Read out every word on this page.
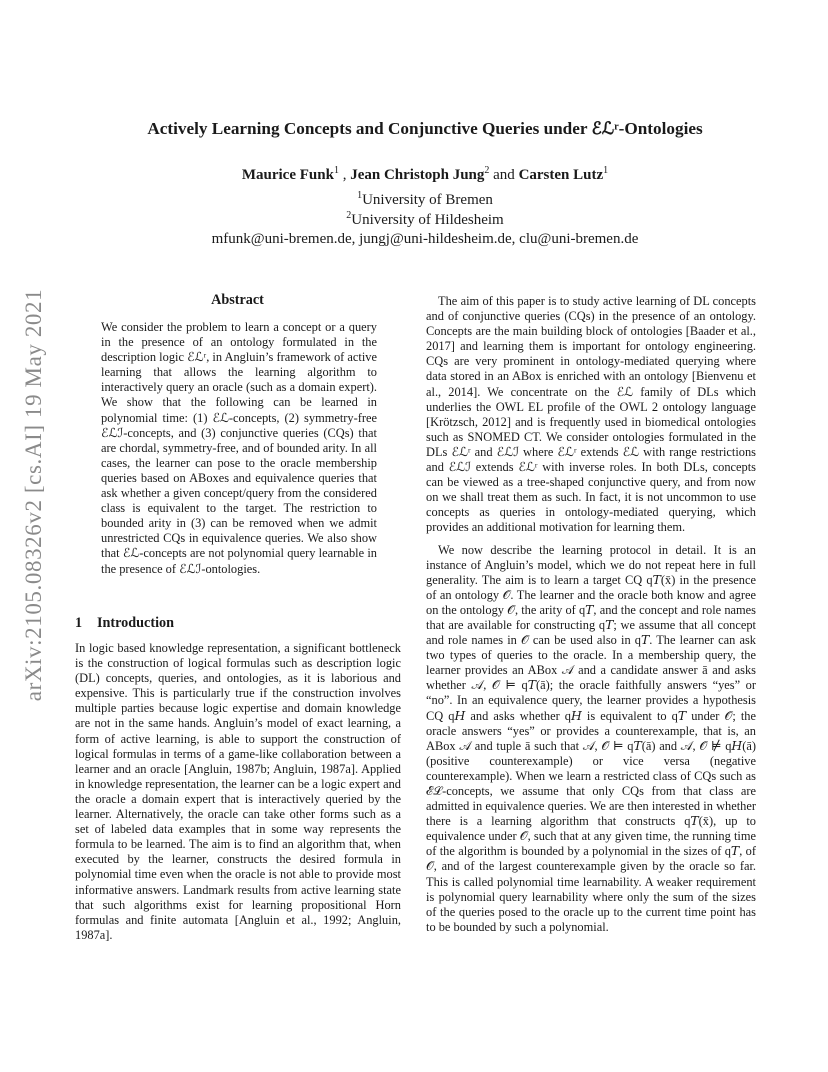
arXiv:2105.08326v2 [cs.AI] 19 May 2021
Actively Learning Concepts and Conjunctive Queries under ℰℒʳ-Ontologies
Maurice Funk$^1$ , Jean Christoph Jung$^2$ and Carsten Lutz$^1$
$^1$University of Bremen
$^2$University of Hildesheim
mfunk@uni-bremen.de, jungj@uni-hildesheim.de, clu@uni-bremen.de
Abstract

We consider the problem to learn a concept or a query in the presence of an ontology formulated in the description logic ℰℒʳ, in Angluin’s framework of active learning that allows the learning algorithm to interactively query an oracle (such as a domain expert). We show that the following can be learned in polynomial time: (1) ℰℒ-concepts, (2) symmetry-free ℰℒℐ-concepts, and (3) conjunctive queries (CQs) that are chordal, symmetry-free, and of bounded arity. In all cases, the learner can pose to the oracle membership queries based on ABoxes and equivalence queries that ask whether a given concept/query from the considered class is equivalent to the target. The restriction to bounded arity in (3) can be removed when we admit unrestricted CQs in equivalence queries. We also show that ℰℒ-concepts are not polynomial query learnable in the presence of ℰℒℐ-ontologies.

1 Introduction

In logic based knowledge representation, a significant bottleneck is the construction of logical formulas such as description logic (DL) concepts, queries, and ontologies, as it is laborious and expensive. This is particularly true if the construction involves multiple parties because logic expertise and domain knowledge are not in the same hands. Angluin’s model of exact learning, a form of active learning, is able to support the construction of logical formulas in terms of a game-like collaboration between a learner and an oracle [Angluin, 1987b; Angluin, 1987a]. Applied in knowledge representation, the learner can be a logic expert and the oracle a domain expert that is interactively queried by the learner. Alternatively, the oracle can take other forms such as a set of labeled data examples that in some way represents the formula to be learned. The aim is to find an algorithm that, when executed by the learner, constructs the desired formula in polynomial time even when the oracle is not able to provide most informative answers. Landmark results from active learning state that such algorithms exist for learning propositional Horn formulas and finite automata [Angluin et al., 1992; Angluin, 1987a].

The aim of this paper is to study active learning of DL concepts and of conjunctive queries (CQs) in the presence of an ontology. Concepts are the main building block of ontologies [Baader et al., 2017] and learning them is important for ontology engineering. CQs are very prominent in ontology-mediated querying where data stored in an ABox is enriched with an ontology [Bienvenu et al., 2014]. We concentrate on the ℰℒ family of DLs which underlies the OWL EL profile of the OWL 2 ontology language [Krötzsch, 2012] and is frequently used in biomedical ontologies such as SNOMED CT. We consider ontologies formulated in the DLs ℰℒʳ and ℰℒℐ where ℰℒʳ extends ℰℒ with range restrictions and ℰℒℐ extends ℰℒʳ with inverse roles. In both DLs, concepts can be viewed as a tree-shaped conjunctive query, and from now on we shall treat them as such. In fact, it is not uncommon to use concepts as queries in ontology-mediated querying, which provides an additional motivation for learning them.

We now describe the learning protocol in detail. It is an instance of Angluin’s model, which we do not repeat here in full generality. The aim is to learn a target CQ q𝑇(x̄) in the presence of an ontology 𝒪. The learner and the oracle both know and agree on the ontology 𝒪, the arity of q𝑇, and the concept and role names that are available for constructing q𝑇; we assume that all concept and role names in 𝒪 can be used also in q𝑇. The learner can ask two types of queries to the oracle. In a membership query, the learner provides an ABox 𝒜 and a candidate answer ā and asks whether 𝒜, 𝒪 ⊨ q𝑇(ā); the oracle faithfully answers “yes” or “no”. In an equivalence query, the learner provides a hypothesis CQ q𝐻 and asks whether q𝐻 is equivalent to q𝑇 under 𝒪; the oracle answers “yes” or provides a counterexample, that is, an ABox 𝒜 and tuple ā such that 𝒜, 𝒪 ⊨ q𝑇(ā) and 𝒜, 𝒪 ⊭ q𝐻(ā) (positive counterexample) or vice versa (negative counterexample). When we learn a restricted class of CQs such as ℰℒ-concepts, we assume that only CQs from that class are admitted in equivalence queries. We are then interested in whether there is a learning algorithm that constructs q𝑇(x̄), up to equivalence under 𝒪, such that at any given time, the running time of the algorithm is bounded by a polynomial in the sizes of q𝑇, of 𝒪, and of the largest counterexample given by the oracle so far. This is called polynomial time learnability. A weaker requirement is polynomial query learnability where only the sum of the sizes of the queries posed to the oracle up to the current time point has to be bounded by such a polynomial.
